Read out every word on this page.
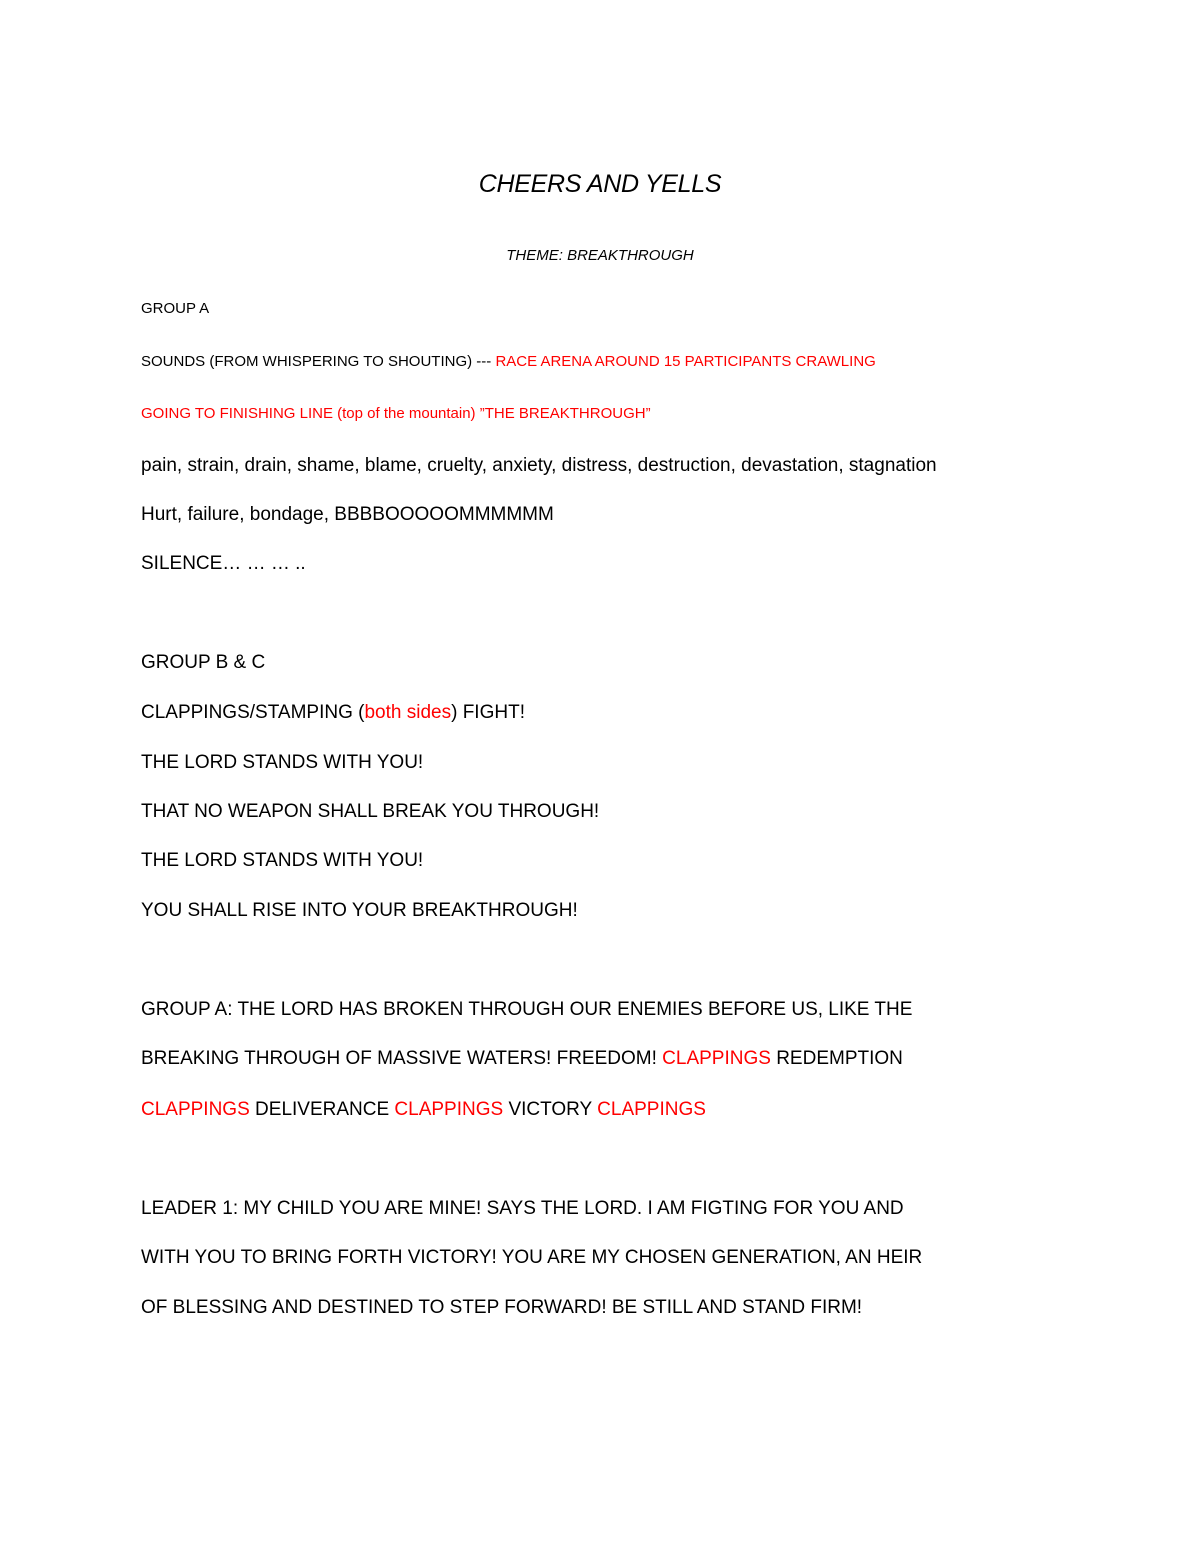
CHEERS AND YELLS
THEME: BREAKTHROUGH
GROUP A
SOUNDS (FROM WHISPERING TO SHOUTING) --- RACE ARENA AROUND 15 PARTICIPANTS CRAWLING
GOING TO FINISHING LINE (top of the mountain) ”THE BREAKTHROUGH”
pain, strain, drain, shame, blame, cruelty, anxiety, distress, destruction, devastation, stagnation
Hurt, failure, bondage, BBBBOOOOOMMMMMM
SILENCE… … … ..
GROUP B & C
CLAPPINGS/STAMPING (both sides) FIGHT!
THE LORD STANDS WITH YOU!
THAT NO WEAPON SHALL BREAK YOU THROUGH!
THE LORD STANDS WITH YOU!
YOU SHALL RISE INTO YOUR BREAKTHROUGH!
GROUP A: THE LORD HAS BROKEN THROUGH OUR ENEMIES BEFORE US, LIKE THE
BREAKING THROUGH OF MASSIVE WATERS! FREEDOM! CLAPPINGS REDEMPTION
CLAPPINGS DELIVERANCE CLAPPINGS VICTORY CLAPPINGS
LEADER 1: MY CHILD YOU ARE MINE! SAYS THE LORD. I AM FIGTING FOR YOU AND
WITH YOU TO BRING FORTH VICTORY! YOU ARE MY CHOSEN GENERATION, AN HEIR
OF BLESSING AND DESTINED TO STEP FORWARD! BE STILL AND STAND FIRM!
